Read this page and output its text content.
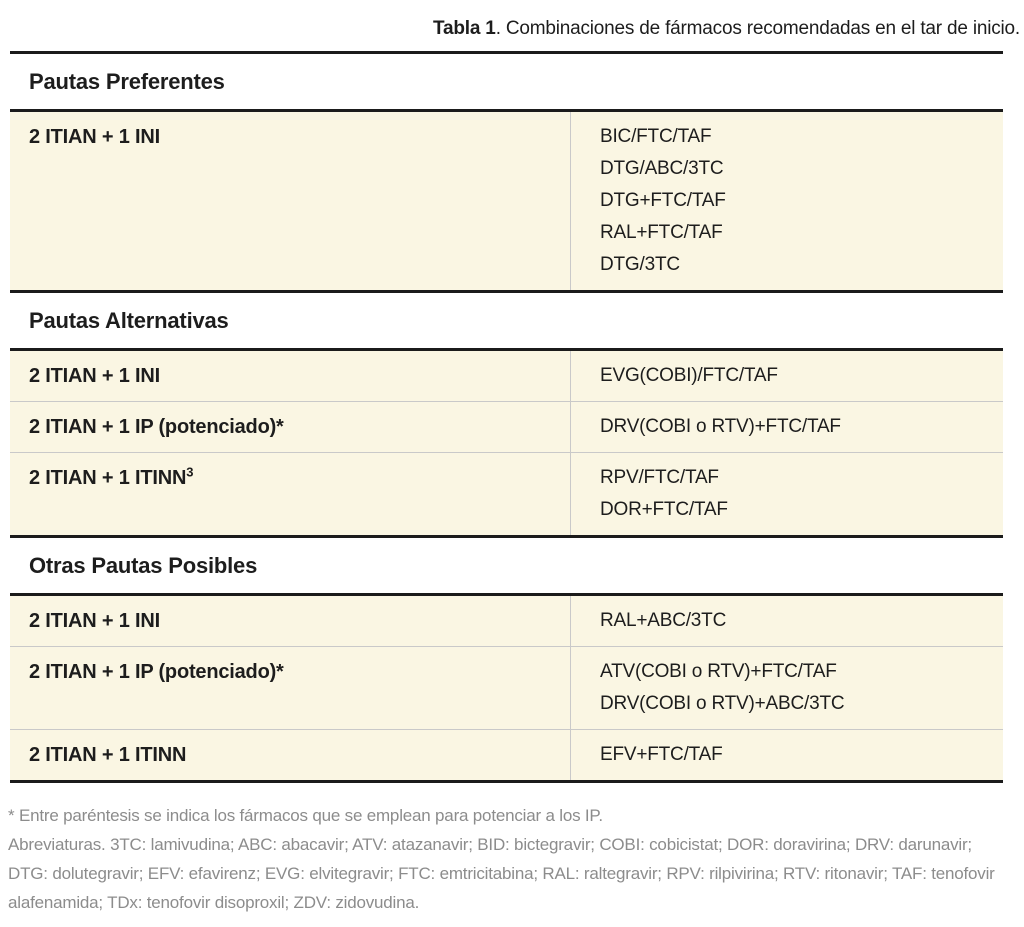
Tabla 1. Combinaciones de fármacos recomendadas en el tar de inicio.
Pautas Preferentes
2 ITIAN + 1 INI	BIC/FTC/TAF
DTG/ABC/3TC
DTG+FTC/TAF
RAL+FTC/TAF
DTG/3TC
Pautas Alternativas
2 ITIAN + 1 INI	EVG(COBI)/FTC/TAF
2 ITIAN + 1 IP (potenciado)*	DRV(COBI o RTV)+FTC/TAF
2 ITIAN + 1 ITINN$^3$	RPV/FTC/TAF
DOR+FTC/TAF
Otras Pautas Posibles
2 ITIAN + 1 INI	RAL+ABC/3TC
2 ITIAN + 1 IP (potenciado)*	ATV(COBI o RTV)+FTC/TAF
DRV(COBI o RTV)+ABC/3TC
2 ITIAN + 1 ITINN	EFV+FTC/TAF
* Entre paréntesis se indica los fármacos que se emplean para potenciar a los IP.
Abreviaturas. 3TC: lamivudina; ABC: abacavir; ATV: atazanavir; BID: bictegravir; COBI: cobicistat; DOR: doravirina; DRV: darunavir; DTG: dolutegravir; EFV: efavirenz; EVG: elvitegravir; FTC: emtricitabina; RAL: raltegravir; RPV: rilpivirina; RTV: ritonavir; TAF: tenofovir alafenamida; TDx: tenofovir disoproxil; ZDV: zidovudina.
